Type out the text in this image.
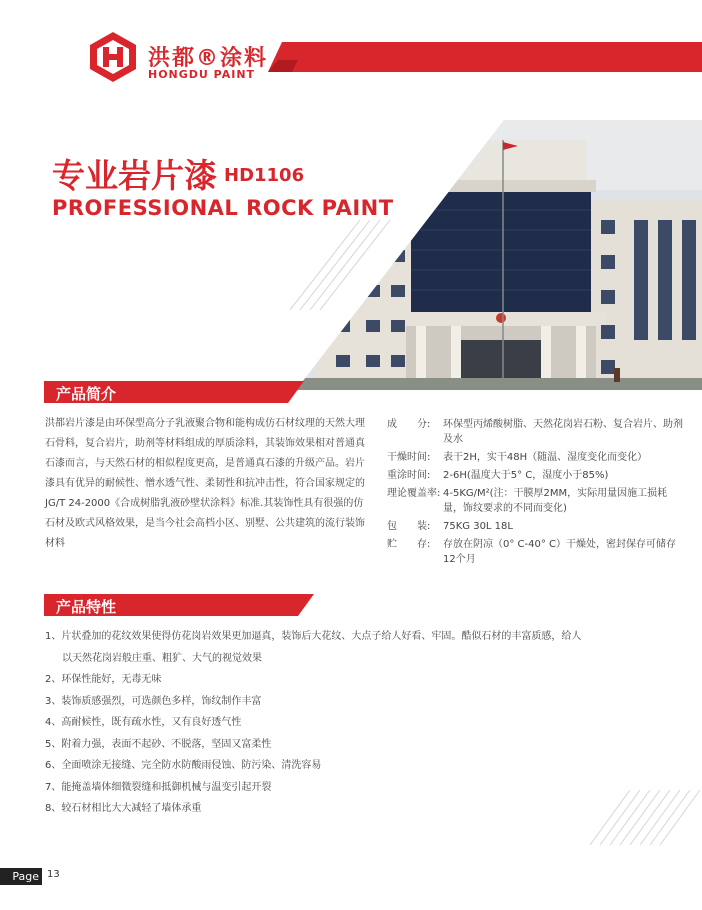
洪都®涂料
HONGDU PAINT
专业岩片漆 HD1106
PROFESSIONAL ROCK PAINT
产品简介
洪都岩片漆是由环保型高分子乳液聚合物和能构成仿石材纹理的天然大理石骨料，复合岩片，助剂等材料组成的厚质涂料，其装饰效果相对普通真石漆而言，与天然石材的相似程度更高，是普通真石漆的升级产品。岩片漆具有优异的耐候性、憎水透气性、柔韧性和抗冲击性，符合国家规定的JG/T 24-2000《合成树脂乳液砂壁状涂料》标准.其装饰性具有很强的仿石材及欧式风格效果，是当今社会高档小区、别墅、公共建筑的流行装饰材料
成　　分:	环保型丙烯酸树脂、天然花岗岩石粉、复合岩片、助剂及水
干燥时间:	表干2H，实干48H（随温、湿度变化而变化）
重涂时间:	2-6H(温度大于5° C，湿度小于85%)
理论覆盖率: 4-5KG/M²(注：干膜厚2MM，实际用量因施工损耗量，饰纹要求的不同而变化)
包　　装:	75KG 30L 18L
贮　　存:	存放在阴凉（0° C-40° C）干燥处，密封保存可储存12个月
产品特性
1、片状叠加的花纹效果使得仿花岗岩效果更加逼真，装饰后大花纹、大点子给人好看、牢固。酷似石材的丰富质感，给人
以天然花岗岩般庄重、粗犷、大气的视觉效果
2、环保性能好，无毒无味
3、装饰质感强烈，可选颜色多样，饰纹制作丰富
4、高耐候性，既有疏水性，又有良好透气性
5、附着力强，表面不起砂、不脱落，坚固又富柔性
6、全面喷涂无接缝、完全防水防酸雨侵蚀、防污染、清洗容易
7、能掩盖墙体细微裂缝和抵御机械与温变引起开裂
8、较石材相比大大减轻了墙体承重
Page 13
